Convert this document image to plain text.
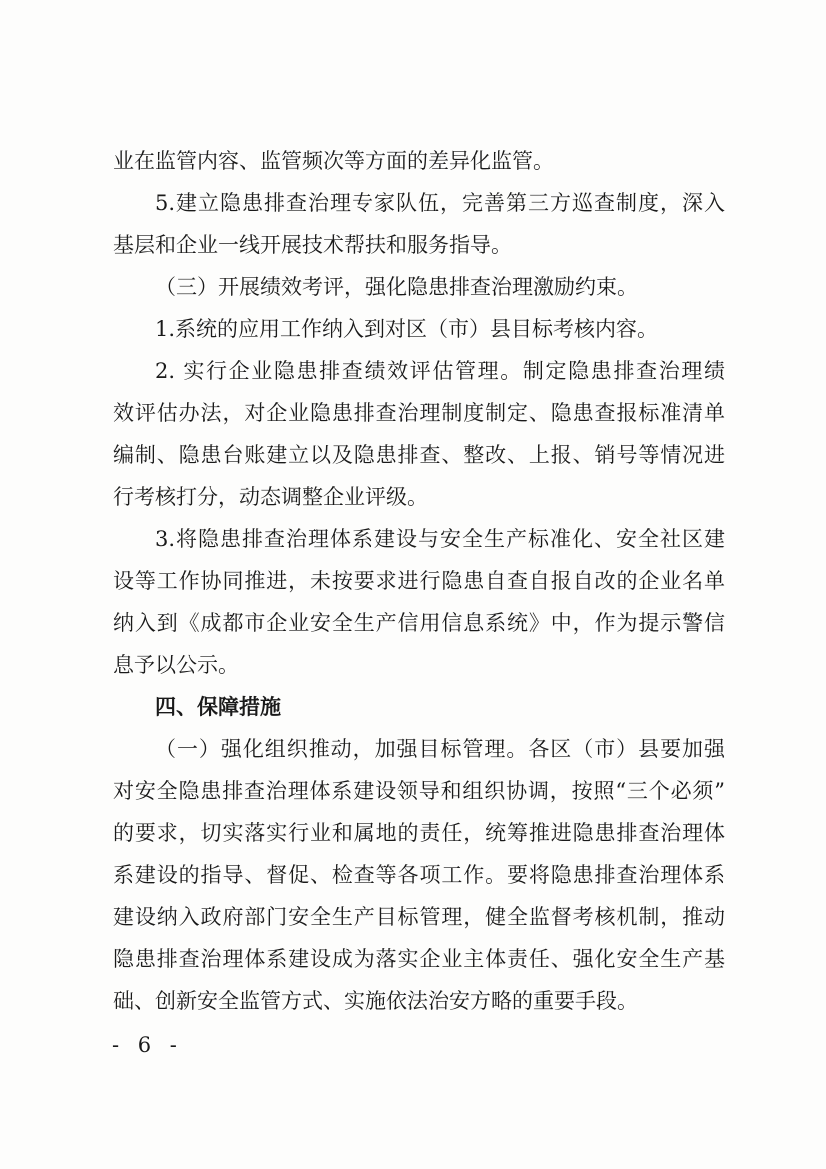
业在监管内容、监管频次等方面的差异化监管。
5.建立隐患排查治理专家队伍，完善第三方巡查制度，深入
基层和企业一线开展技术帮扶和服务指导。
（三）开展绩效考评，强化隐患排查治理激励约束。
1.系统的应用工作纳入到对区（市）县目标考核内容。
2. 实行企业隐患排查绩效评估管理。制定隐患排查治理绩
效评估办法，对企业隐患排查治理制度制定、隐患查报标准清单
编制、隐患台账建立以及隐患排查、整改、上报、销号等情况进
行考核打分，动态调整企业评级。
3.将隐患排查治理体系建设与安全生产标准化、安全社区建
设等工作协同推进，未按要求进行隐患自查自报自改的企业名单
纳入到《成都市企业安全生产信用信息系统》中，作为提示警信
息予以公示。
四、保障措施
（一）强化组织推动，加强目标管理。各区（市）县要加强
对安全隐患排查治理体系建设领导和组织协调，按照“三个必须”
的要求，切实落实行业和属地的责任，统筹推进隐患排查治理体
系建设的指导、督促、检查等各项工作。要将隐患排查治理体系
建设纳入政府部门安全生产目标管理，健全监督考核机制，推动
隐患排查治理体系建设成为落实企业主体责任、强化安全生产基
础、创新安全监管方式、实施依法治安方略的重要手段。
- 6 -
